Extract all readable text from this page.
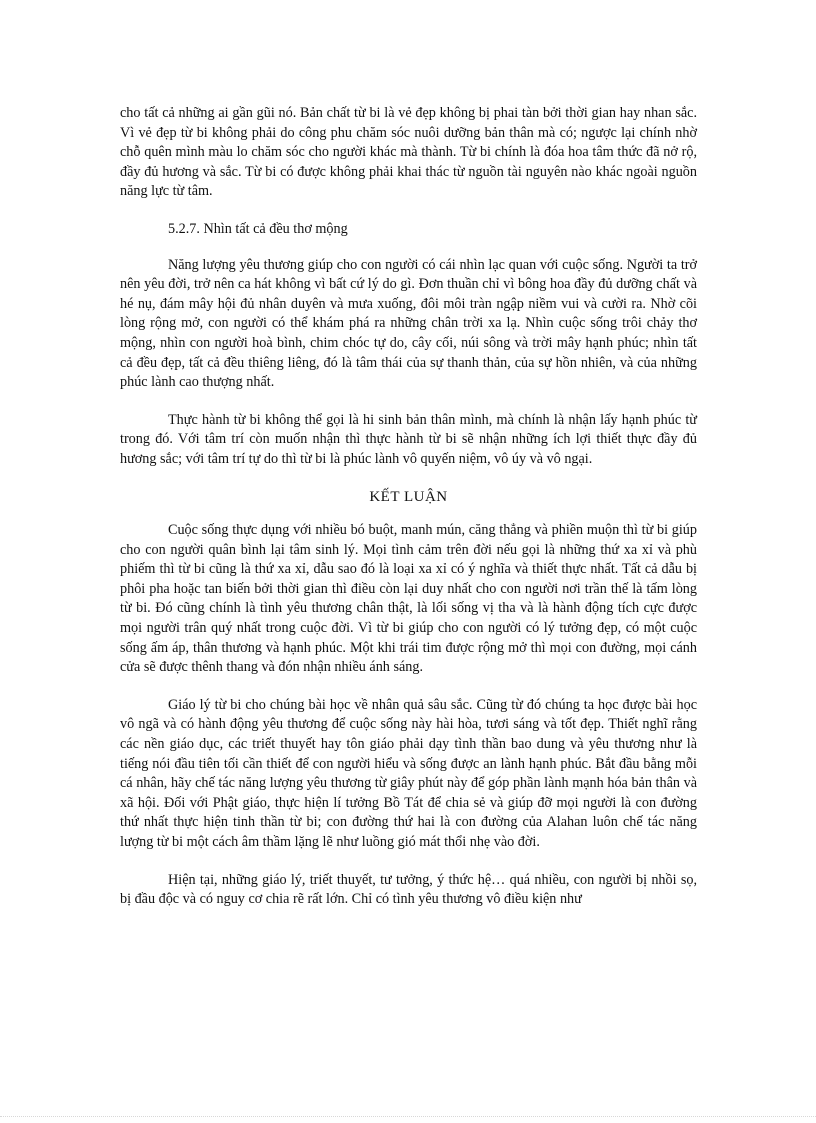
cho tất cả những ai gần gũi nó. Bản chất từ bi là vẻ đẹp không bị phai tàn bởi thời gian hay nhan sắc. Vì vẻ đẹp từ bi không phải do công phu chăm sóc nuôi dưỡng bản thân mà có; ngược lại chính nhờ chỗ quên mình màu lo chăm sóc cho người khác mà thành. Từ bi chính là đóa hoa tâm thức đã nở rộ, đầy đủ hương và sắc. Từ bi có được không phải khai thác từ nguồn tài nguyên nào khác ngoài nguồn năng lực từ tâm.

5.2.7. Nhìn tất cả đều thơ mộng

Năng lượng yêu thương giúp cho con người có cái nhìn lạc quan với cuộc sống. Người ta trở nên yêu đời, trở nên ca hát không vì bất cứ lý do gì. Đơn thuần chỉ vì bông hoa đầy đủ dưỡng chất và hé nụ, đám mây hội đủ nhân duyên và mưa xuống, đôi môi tràn ngập niềm vui và cười ra. Nhờ cõi lòng rộng mở, con người có thể khám phá ra những chân trời xa lạ. Nhìn cuộc sống trôi chảy thơ mộng, nhìn con người hoà bình, chim chóc tự do, cây cối, núi sông và trời mây hạnh phúc; nhìn tất cả đều đẹp, tất cả đều thiêng liêng, đó là tâm thái của sự thanh thản, của sự hồn nhiên, và của những phúc lành cao thượng nhất.

Thực hành từ bi không thể gọi là hi sinh bản thân mình, mà chính là nhận lấy hạnh phúc từ trong đó. Với tâm trí còn muốn nhận thì thực hành từ bi sẽ nhận những ích lợi thiết thực đầy đủ hương sắc; với tâm trí tự do thì từ bi là phúc lành vô quyến niệm, vô úy và vô ngại.

KẾT LUẬN

Cuộc sống thực dụng với nhiều bó buột, manh mún, căng thẳng và phiền muộn thì từ bi giúp cho con người quân bình lại tâm sinh lý. Mọi tình cảm trên đời nếu gọi là những thứ xa xỉ và phù phiếm thì từ bi cũng là thứ xa xỉ, dẫu sao đó là loại xa xỉ có ý nghĩa và thiết thực nhất. Tất cả dẫu bị phôi pha hoặc tan biến bởi thời gian thì điều còn lại duy nhất cho con người nơi trần thế là tấm lòng từ bi. Đó cũng chính là tình yêu thương chân thật, là lối sống vị tha và là hành động tích cực được mọi người trân quý nhất trong cuộc đời. Vì từ bi giúp cho con người có lý tưởng đẹp, có một cuộc sống ấm áp, thân thương và hạnh phúc. Một khi trái tim được rộng mở thì mọi con đường, mọi cánh cửa sẽ được thênh thang và đón nhận nhiều ánh sáng.

Giáo lý từ bi cho chúng bài học về nhân quả sâu sắc. Cũng từ đó chúng ta học được bài học vô ngã và có hành động yêu thương để cuộc sống này hài hòa, tươi sáng và tốt đẹp. Thiết nghĩ rằng các nền giáo dục, các triết thuyết hay tôn giáo phải dạy tình thần bao dung và yêu thương như là tiếng nói đầu tiên tối cần thiết để con người hiểu và sống được an lành hạnh phúc. Bắt đầu bằng mỗi cá nhân, hãy chế tác năng lượng yêu thương từ giây phút này để góp phần lành mạnh hóa bản thân và xã hội. Đối với Phật giáo, thực hiện lí tưởng Bồ Tát để chia sẻ và giúp đỡ mọi người là con đường thứ nhất thực hiện tinh thần từ bi; con đường thứ hai là con đường của Alahan luôn chế tác năng lượng từ bi một cách âm thầm lặng lẽ như luồng gió mát thổi nhẹ vào đời.

Hiện tại, những giáo lý, triết thuyết, tư tưởng, ý thức hệ… quá nhiều, con người bị nhồi sọ, bị đầu độc và có nguy cơ chia rẽ rất lớn. Chỉ có tình yêu thương vô điều kiện như
